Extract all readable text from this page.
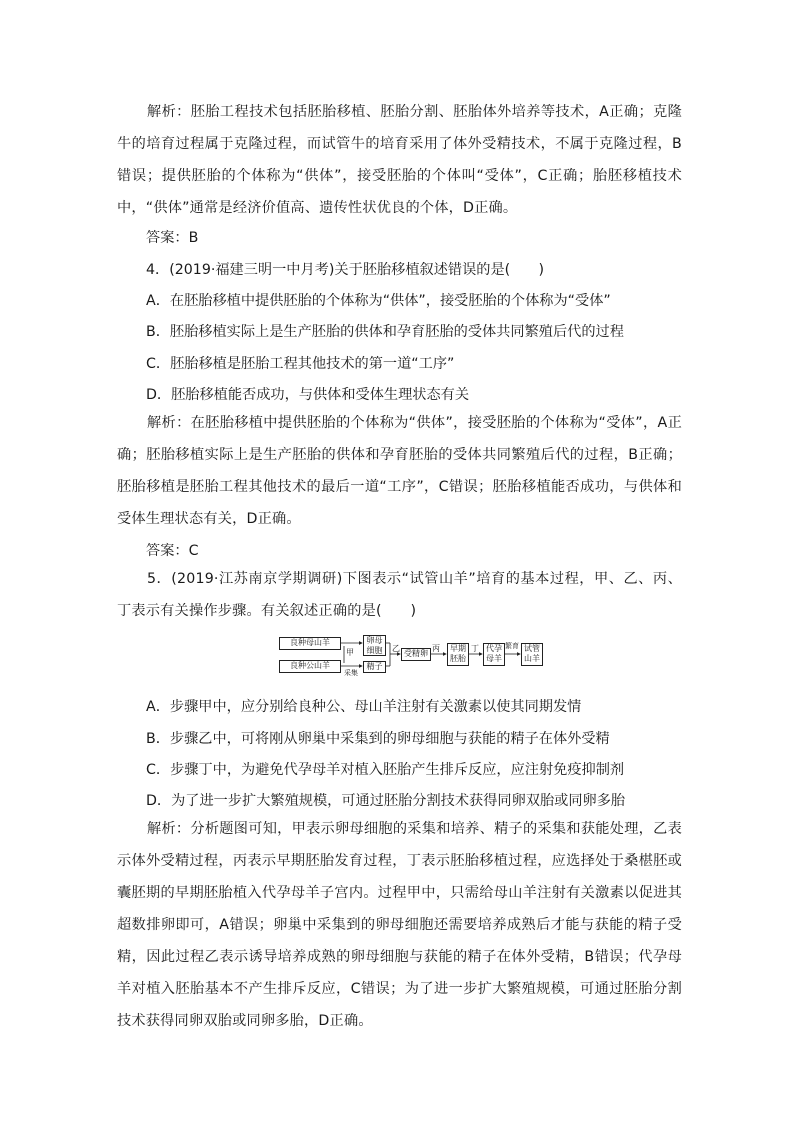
解析：胚胎工程技术包括胚胎移植、胚胎分割、胚胎体外培养等技术，A正确；克隆牛的培育过程属于克隆过程，而试管牛的培育采用了体外受精技术，不属于克隆过程，B错误；提供胚胎的个体称为“供体”，接受胚胎的个体叫“受体”，C正确；胎胚移植技术中，“供体”通常是经济价值高、遗传性状优良的个体，D正确。
答案：B
4．(2019·福建三明一中月考)关于胚胎移植叙述错误的是(　　)
A．在胚胎移植中提供胚胎的个体称为“供体”，接受胚胎的个体称为“受体”
B．胚胎移植实际上是生产胚胎的供体和孕育胚胎的受体共同繁殖后代的过程
C．胚胎移植是胚胎工程其他技术的第一道“工序”
D．胚胎移植能否成功，与供体和受体生理状态有关
解析：在胚胎移植中提供胚胎的个体称为“供体”，接受胚胎的个体称为“受体”，A正确；胚胎移植实际上是生产胚胎的供体和孕育胚胎的受体共同繁殖后代的过程，B正确；胚胎移植是胚胎工程其他技术的最后一道“工序”，C错误；胚胎移植能否成功，与供体和受体生理状态有关，D正确。
答案：C
5．(2019·江苏南京学期调研)下图表示“试管山羊”培育的基本过程，甲、乙、丙、丁表示有关操作步骤。有关叙述正确的是(　　)
良种母山羊
良种公山羊
甲
采集
卵母细胞
精子
乙
受精卵
丙	早期胚胎
丁 代孕母羊
繁育 试管山羊
A．步骤甲中，应分别给良种公、母山羊注射有关激素以使其同期发情
B．步骤乙中，可将刚从卵巢中采集到的卵母细胞与获能的精子在体外受精
C．步骤丁中，为避免代孕母羊对植入胚胎产生排斥反应，应注射免疫抑制剂
D．为了进一步扩大繁殖规模，可通过胚胎分割技术获得同卵双胎或同卵多胎
解析：分析题图可知，甲表示卵母细胞的采集和培养、精子的采集和获能处理，乙表示体外受精过程，丙表示早期胚胎发育过程，丁表示胚胎移植过程，应选择处于桑椹胚或囊胚期的早期胚胎植入代孕母羊子宫内。过程甲中，只需给母山羊注射有关激素以促进其超数排卵即可，A错误；卵巢中采集到的卵母细胞还需要培养成熟后才能与获能的精子受精，因此过程乙表示诱导培养成熟的卵母细胞与获能的精子在体外受精，B错误；代孕母羊对植入胚胎基本不产生排斥反应，C错误；为了进一步扩大繁殖规模，可通过胚胎分割技术获得同卵双胎或同卵多胎，D正确。
